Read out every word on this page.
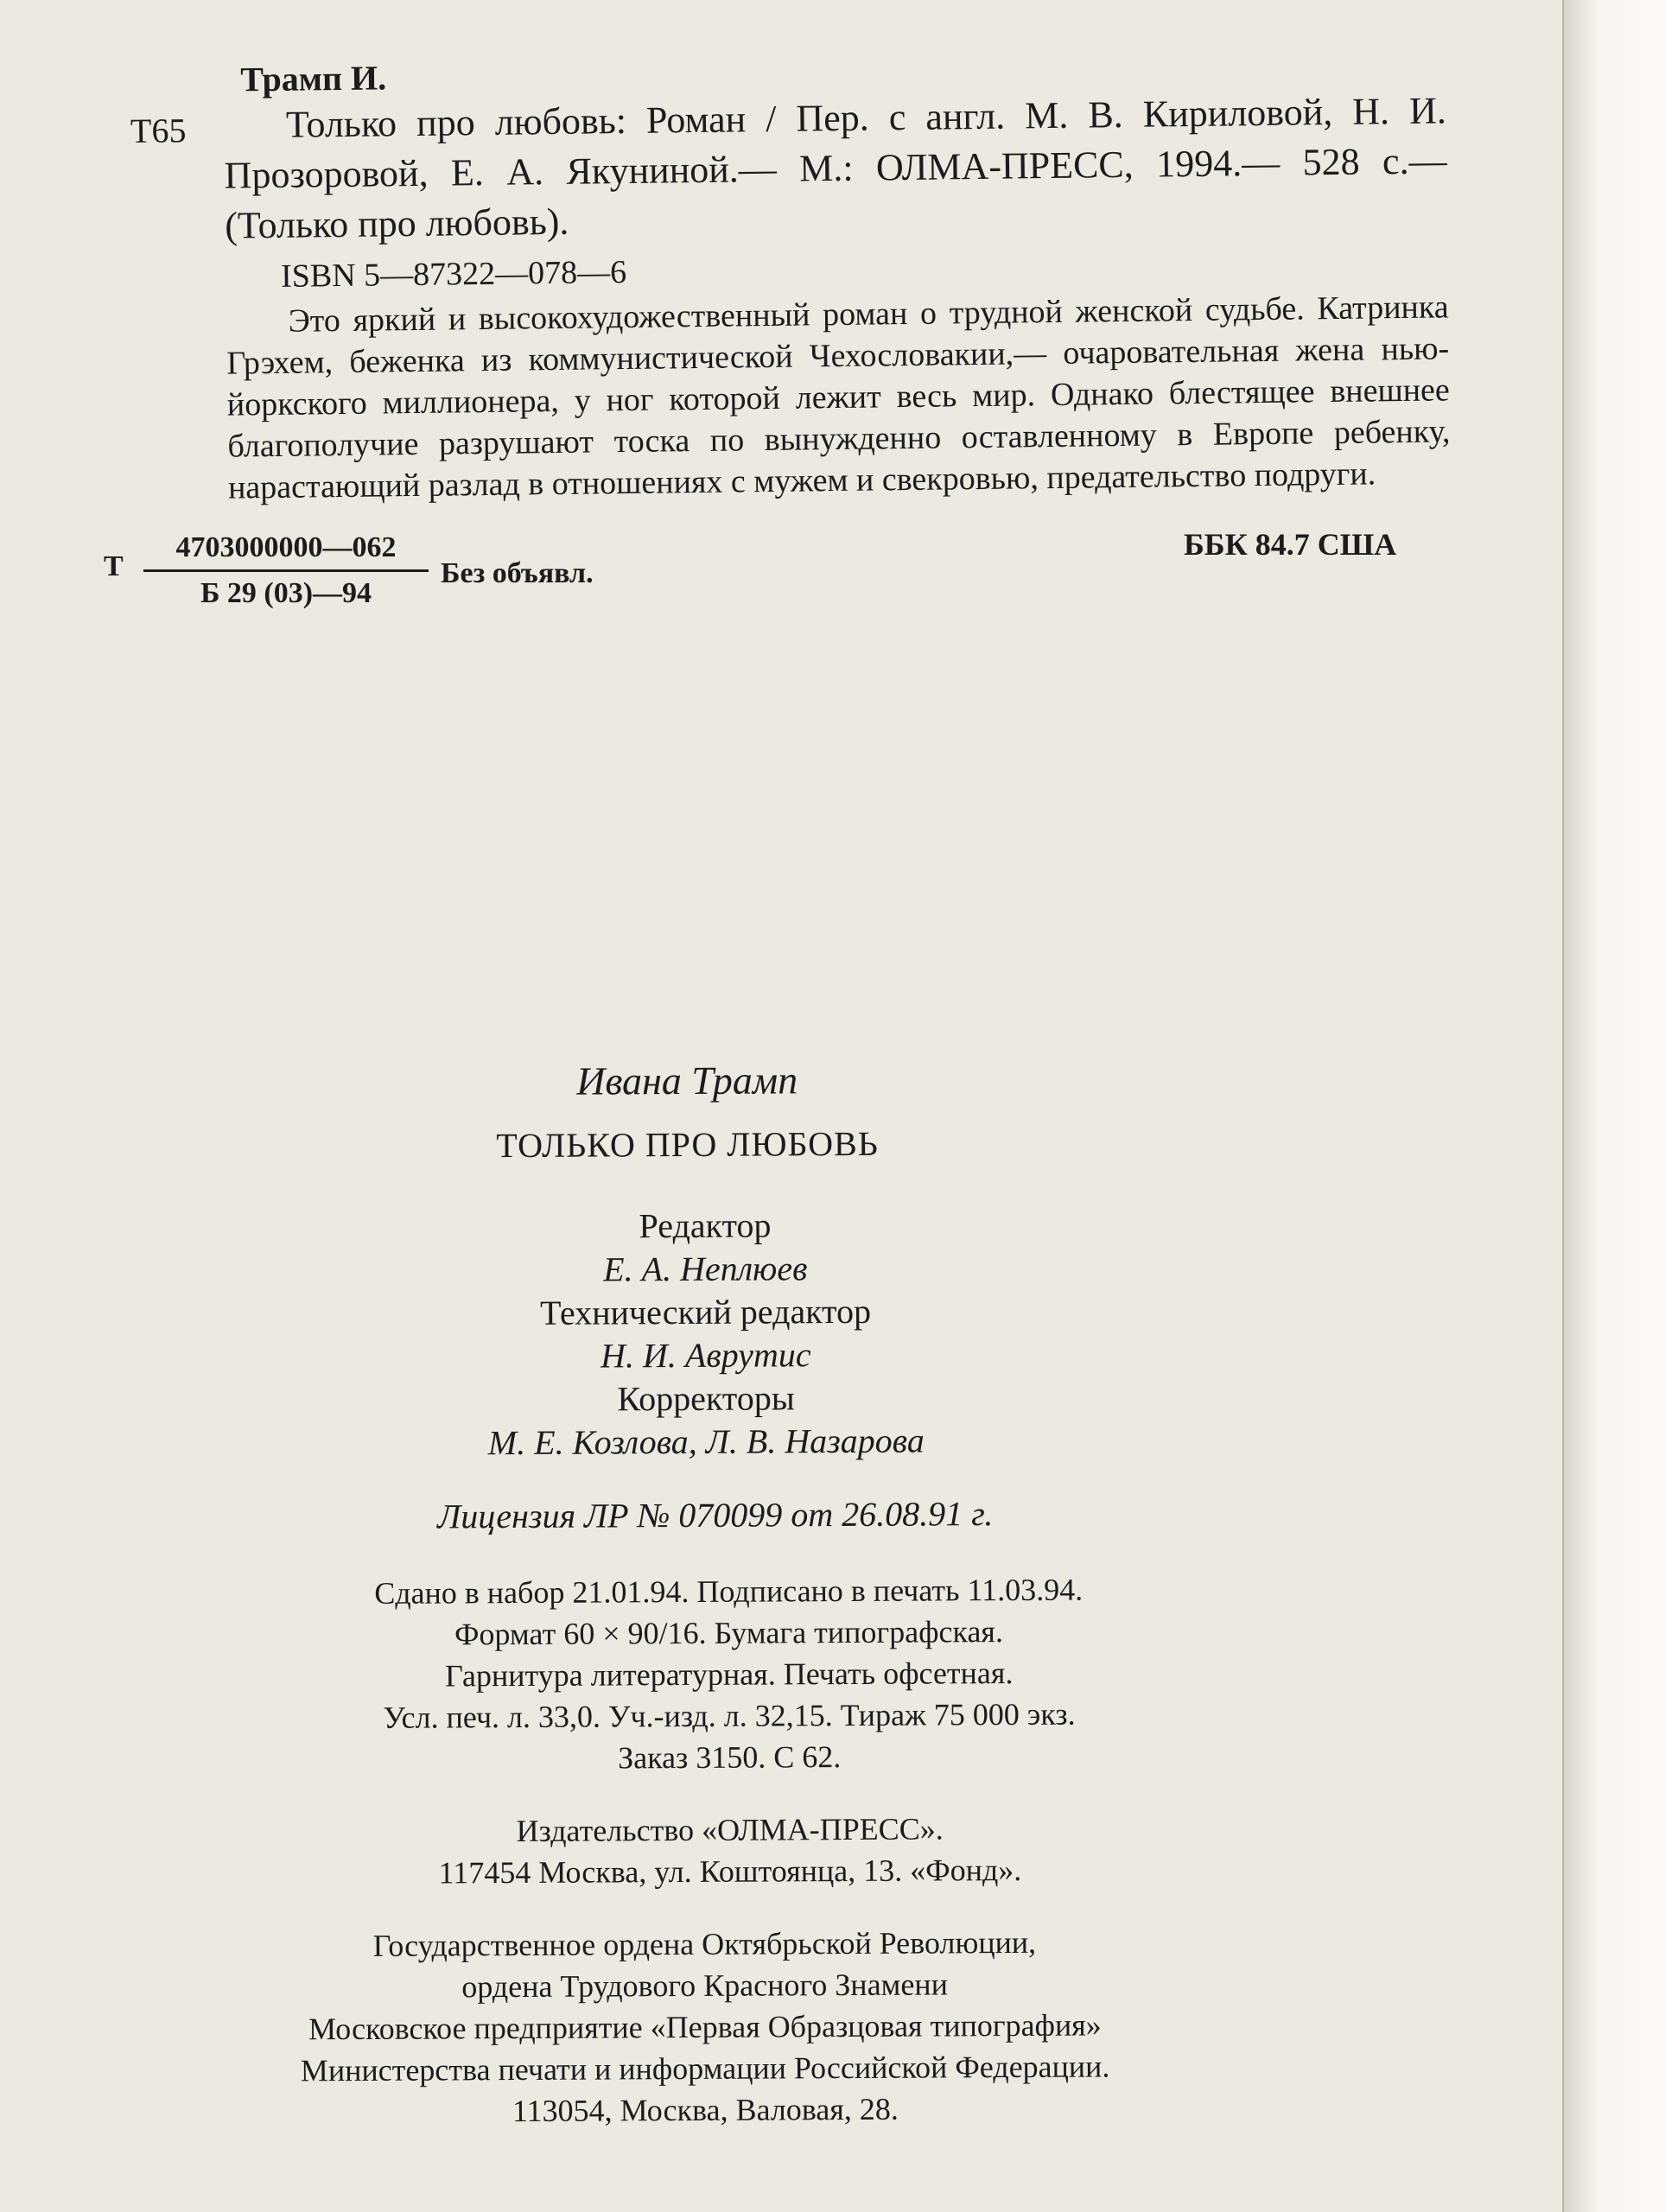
Т65
Трамп И.

Только про любовь: Роман / Пер. с англ. М. В. Кириловой, Н. И. Прозоровой, Е. А. Якуниной.— М.: ОЛМА-ПРЕСС, 1994.— 528 с.— (Только про любовь).

ISBN 5—87322—078—6

Это яркий и высокохудожественный роман о трудной женской судьбе. Катринка Грэхем, беженка из коммунистической Чехословакии,— очаровательная жена нью-йоркского миллионера, у ног которой лежит весь мир. Однако блестящее внешнее благополучие разрушают тоска по вынужденно оставленному в Европе ребенку, нарастающий разлад в отношениях с мужем и свекровью, предательство подруги.

Т
4703000000—062
Б 29 (03)—94
Без объявл.
ББК 84.7 США
Ивана Трамп
ТОЛЬКО ПРО ЛЮБОВЬ
Редактор
Е. А. Неплюев
Технический редактор
Н. И. Аврутис
Корректоры
М. Е. Козлова, Л. В. Назарова
Лицензия ЛР № 070099 от 26.08.91 г.
Сдано в набор 21.01.94. Подписано в печать 11.03.94.
Формат 60 × 90/16. Бумага типографская.
Гарнитура литературная. Печать офсетная.
Усл. печ. л. 33,0. Уч.-изд. л. 32,15. Тираж 75 000 экз.
Заказ 3150. С 62.
Издательство «ОЛМА-ПРЕСС».
117454 Москва, ул. Коштоянца, 13. «Фонд».
Государственное ордена Октябрьской Революции,
ордена Трудового Красного Знамени
Московское предприятие «Первая Образцовая типография»
Министерства печати и информации Российской Федерации.
113054, Москва, Валовая, 28.
